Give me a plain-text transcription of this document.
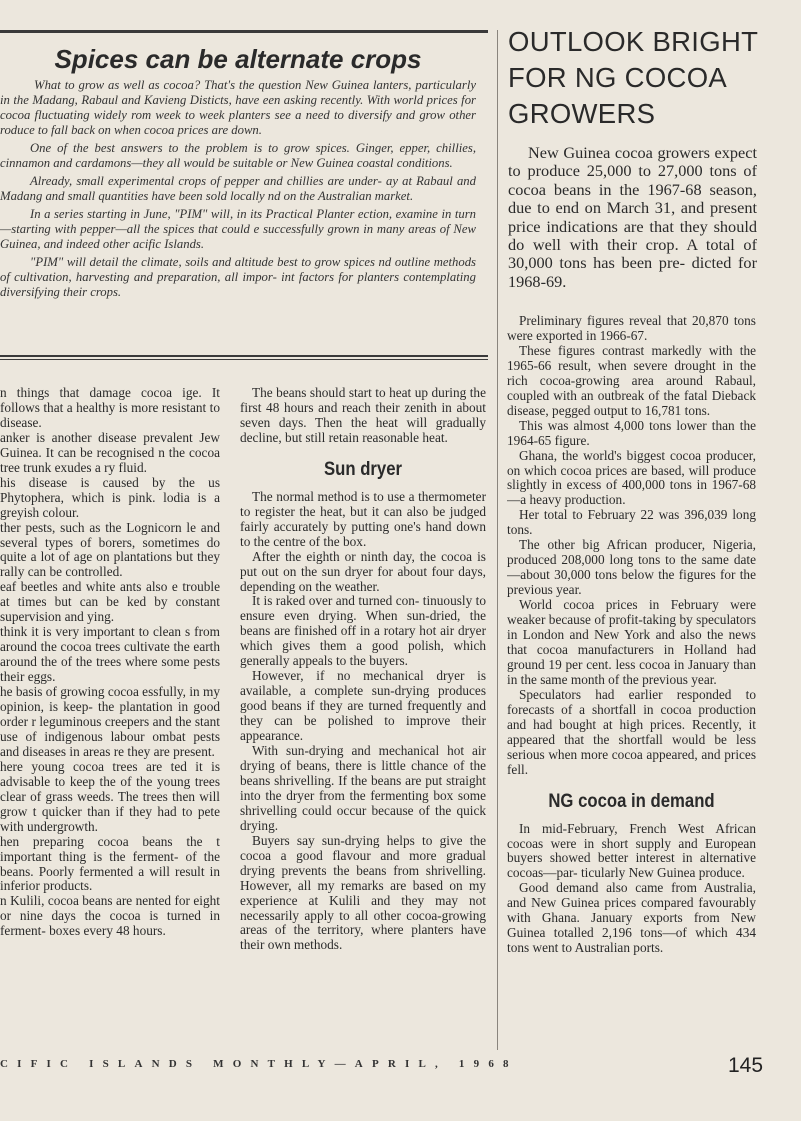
Spices can be alternate crops

What to grow as well as cocoa? That's the question New Guinea lanters, particularly in the Madang, Rabaul and Kavieng Disticts, have een asking recently. With world prices for cocoa fluctuating widely rom week to week planters see a need to diversify and grow other roduce to fall back on when cocoa prices are down.

One of the best answers to the problem is to grow spices. Ginger, epper, chillies, cinnamon and cardamons—they all would be suitable or New Guinea coastal conditions.

Already, small experimental crops of pepper and chillies are under- ay at Rabaul and Madang and small quantities have been sold locally nd on the Australian market.

In a series starting in June, "PIM" will, in its Practical Planter ection, examine in turn—starting with pepper—all the spices that could e successfully grown in many areas of New Guinea, and indeed other acific Islands.

"PIM" will detail the climate, soils and altitude best to grow spices nd outline methods of cultivation, harvesting and preparation, all impor- int factors for planters contemplating diversifying their crops.

OUTLOOK BRIGHT FOR NG COCOA GROWERS

New Guinea cocoa growers expect to produce 25,000 to 27,000 tons of cocoa beans in the 1967-68 season, due to end on March 31, and present price indications are that they should do well with their crop. A total of 30,000 tons has been pre- dicted for 1968-69.

n things that damage cocoa ige. It follows that a healthy is more resistant to disease.

anker is another disease prevalent Jew Guinea. It can be recognised n the cocoa tree trunk exudes a ry fluid.

his disease is caused by the us Phytophera, which is pink. lodia is a greyish colour.

ther pests, such as the Lognicorn le and several types of borers, sometimes do quite a lot of age on plantations but they rally can be controlled.

eaf beetles and white ants also e trouble at times but can be ked by constant supervision and ying.

think it is very important to clean s from around the cocoa trees cultivate the earth around the of the trees where some pests their eggs.

he basis of growing cocoa essfully, in my opinion, is keep- the plantation in good order r leguminous creepers and the stant use of indigenous labour ombat pests and diseases in areas re they are present.

here young cocoa trees are ted it is advisable to keep the of the young trees clear of grass weeds. The trees then will grow t quicker than if they had to pete with undergrowth.

hen preparing cocoa beans the t important thing is the ferment- of the beans. Poorly fermented a will result in inferior products.

n Kulili, cocoa beans are nented for eight or nine days the cocoa is turned in ferment- boxes every 48 hours.

The beans should start to heat up during the first 48 hours and reach their zenith in about seven days. Then the heat will gradually decline, but still retain reasonable heat.

Sun dryer

The normal method is to use a thermometer to register the heat, but it can also be judged fairly accurately by putting one's hand down to the centre of the box.

After the eighth or ninth day, the cocoa is put out on the sun dryer for about four days, depending on the weather.

It is raked over and turned con- tinuously to ensure even drying. When sun-dried, the beans are finished off in a rotary hot air dryer which gives them a good polish, which generally appeals to the buyers.

However, if no mechanical dryer is available, a complete sun-drying produces good beans if they are turned frequently and they can be polished to improve their appearance.

With sun-drying and mechanical hot air drying of beans, there is little chance of the beans shrivelling. If the beans are put straight into the dryer from the fermenting box some shrivelling could occur because of the quick drying.

Buyers say sun-drying helps to give the cocoa a good flavour and more gradual drying prevents the beans from shrivelling. However, all my remarks are based on my experience at Kulili and they may not necessarily apply to all other cocoa-growing areas of the territory, where planters have their own methods.

Preliminary figures reveal that 20,870 tons were exported in 1966-67.

These figures contrast markedly with the 1965-66 result, when severe drought in the rich cocoa-growing area around Rabaul, coupled with an outbreak of the fatal Dieback disease, pegged output to 16,781 tons.

This was almost 4,000 tons lower than the 1964-65 figure.

Ghana, the world's biggest cocoa producer, on which cocoa prices are based, will produce slightly in excess of 400,000 tons in 1967-68—a heavy production.

Her total to February 22 was 396,039 long tons.

The other big African producer, Nigeria, produced 208,000 long tons to the same date—about 30,000 tons below the figures for the previous year.

World cocoa prices in February were weaker because of profit-taking by speculators in London and New York and also the news that cocoa manufacturers in Holland had ground 19 per cent. less cocoa in January than in the same month of the previous year.

Speculators had earlier responded to forecasts of a shortfall in cocoa production and had bought at high prices. Recently, it appeared that the shortfall would be less serious when more cocoa appeared, and prices fell.

NG cocoa in demand

In mid-February, French West African cocoas were in short supply and European buyers showed better interest in alternative cocoas—par- ticularly New Guinea produce.

Good demand also came from Australia, and New Guinea prices compared favourably with Ghana. January exports from New Guinea totalled 2,196 tons—of which 434 tons went to Australian ports.

CIFIC ISLANDS MONTHLY—APRIL, 1968	145
